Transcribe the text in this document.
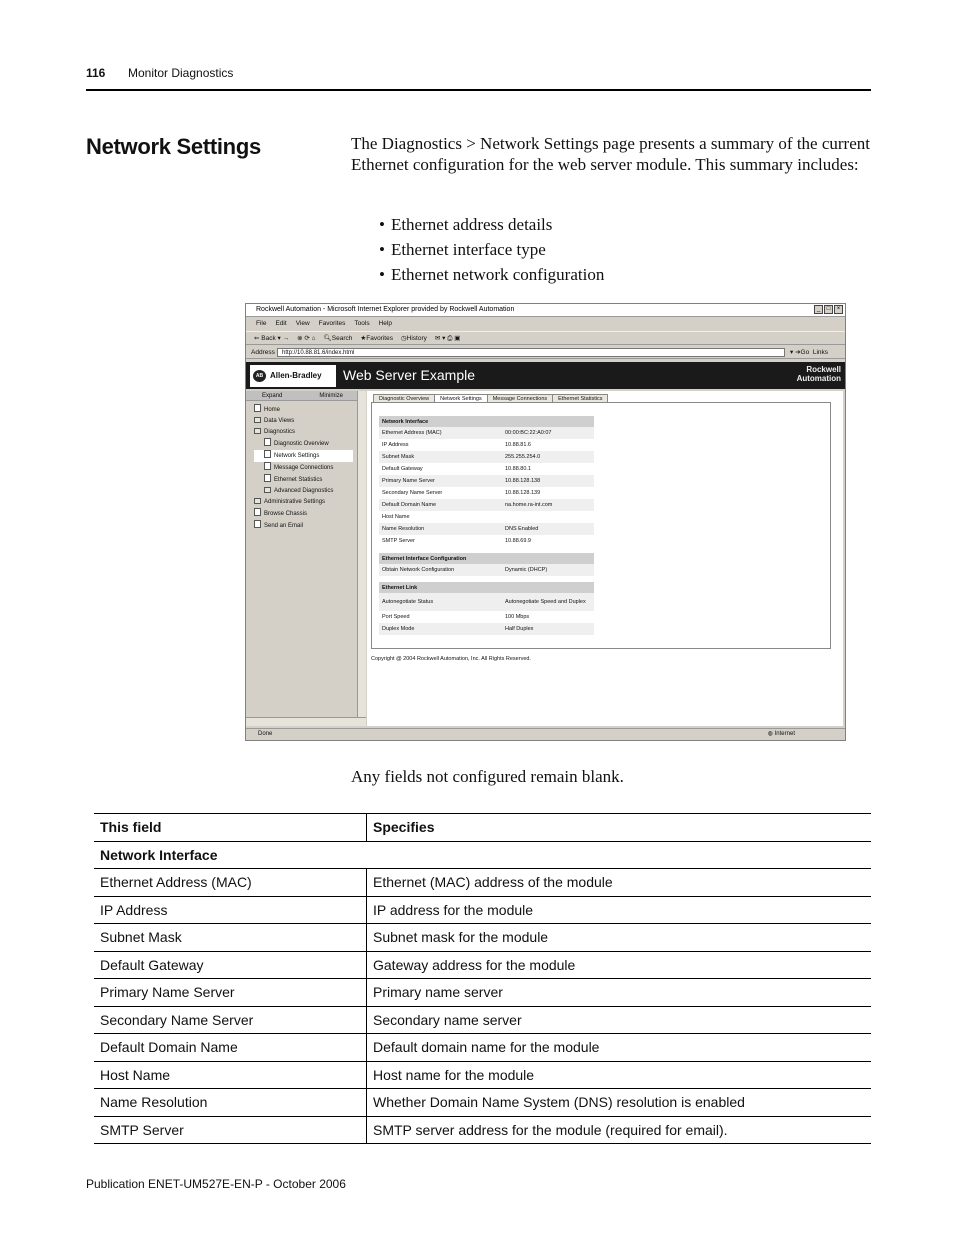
116 Monitor Diagnostics
Network Settings	The Diagnostics > Network Settings page presents a summary of the current Ethernet configuration for the web server module. This summary includes:
• Ethernet address details
• Ethernet interface type
• Ethernet network configuration
Rockwell Automation - Microsoft Internet Explorer provided by Rockwell Automation	_	□	×
File Edit View Favorites Tools Help
⇐ Back ▾ → ⊗ ⟳ ⌂ 🔍︎Search ★Favorites ◷History ✉ ▾ ⎙ ▣
Address	http://10.88.81.6/index.html	▾ ➔Go Links
AB Allen-Bradley	Web Server Example	Rockwell
Automation
Expand	Minimize
Home
Data Views
Diagnostics
Diagnostic Overview
Network Settings
Message Connections
Ethernet Statistics
Advanced Diagnostics
Administrative Settings
Browse Chassis
Send an Email
Diagnostic Overview	Network Settings	Message Connections	Ethernet Statistics
Network Interface	
Ethernet Address (MAC)	00:00:BC:22:A0:07
IP Address	10.88.81.6
Subnet Mask	255.255.254.0
Default Gateway	10.88.80.1
Primary Name Server	10.88.128.138
Secondary Name Server	10.88.128.139
Default Domain Name	na.home.ra-int.com
Host Name	
Name Resolution	DNS Enabled
SMTP Server	10.88.69.9

Ethernet Interface Configuration	
Obtain Network Configuration	Dynamic (DHCP)

Ethernet Link	
Autonegotiate Status	Autonegotiate Speed and Duplex
Port Speed	100 Mbps
Duplex Mode	Half Duplex
Copyright @ 2004 Rockwell Automation, Inc. All Rights Reserved.
Done	◍ Internet
Any fields not configured remain blank.
This field	Specifies
Network Interface	
Ethernet Address (MAC)	Ethernet (MAC) address of the module
IP Address	IP address for the module
Subnet Mask	Subnet mask for the module
Default Gateway	Gateway address for the module
Primary Name Server	Primary name server
Secondary Name Server	Secondary name server
Default Domain Name	Default domain name for the module
Host Name	Host name for the module
Name Resolution	Whether Domain Name System (DNS) resolution is enabled
SMTP Server	SMTP server address for the module (required for email).
Publication ENET-UM527E-EN-P - October 2006
